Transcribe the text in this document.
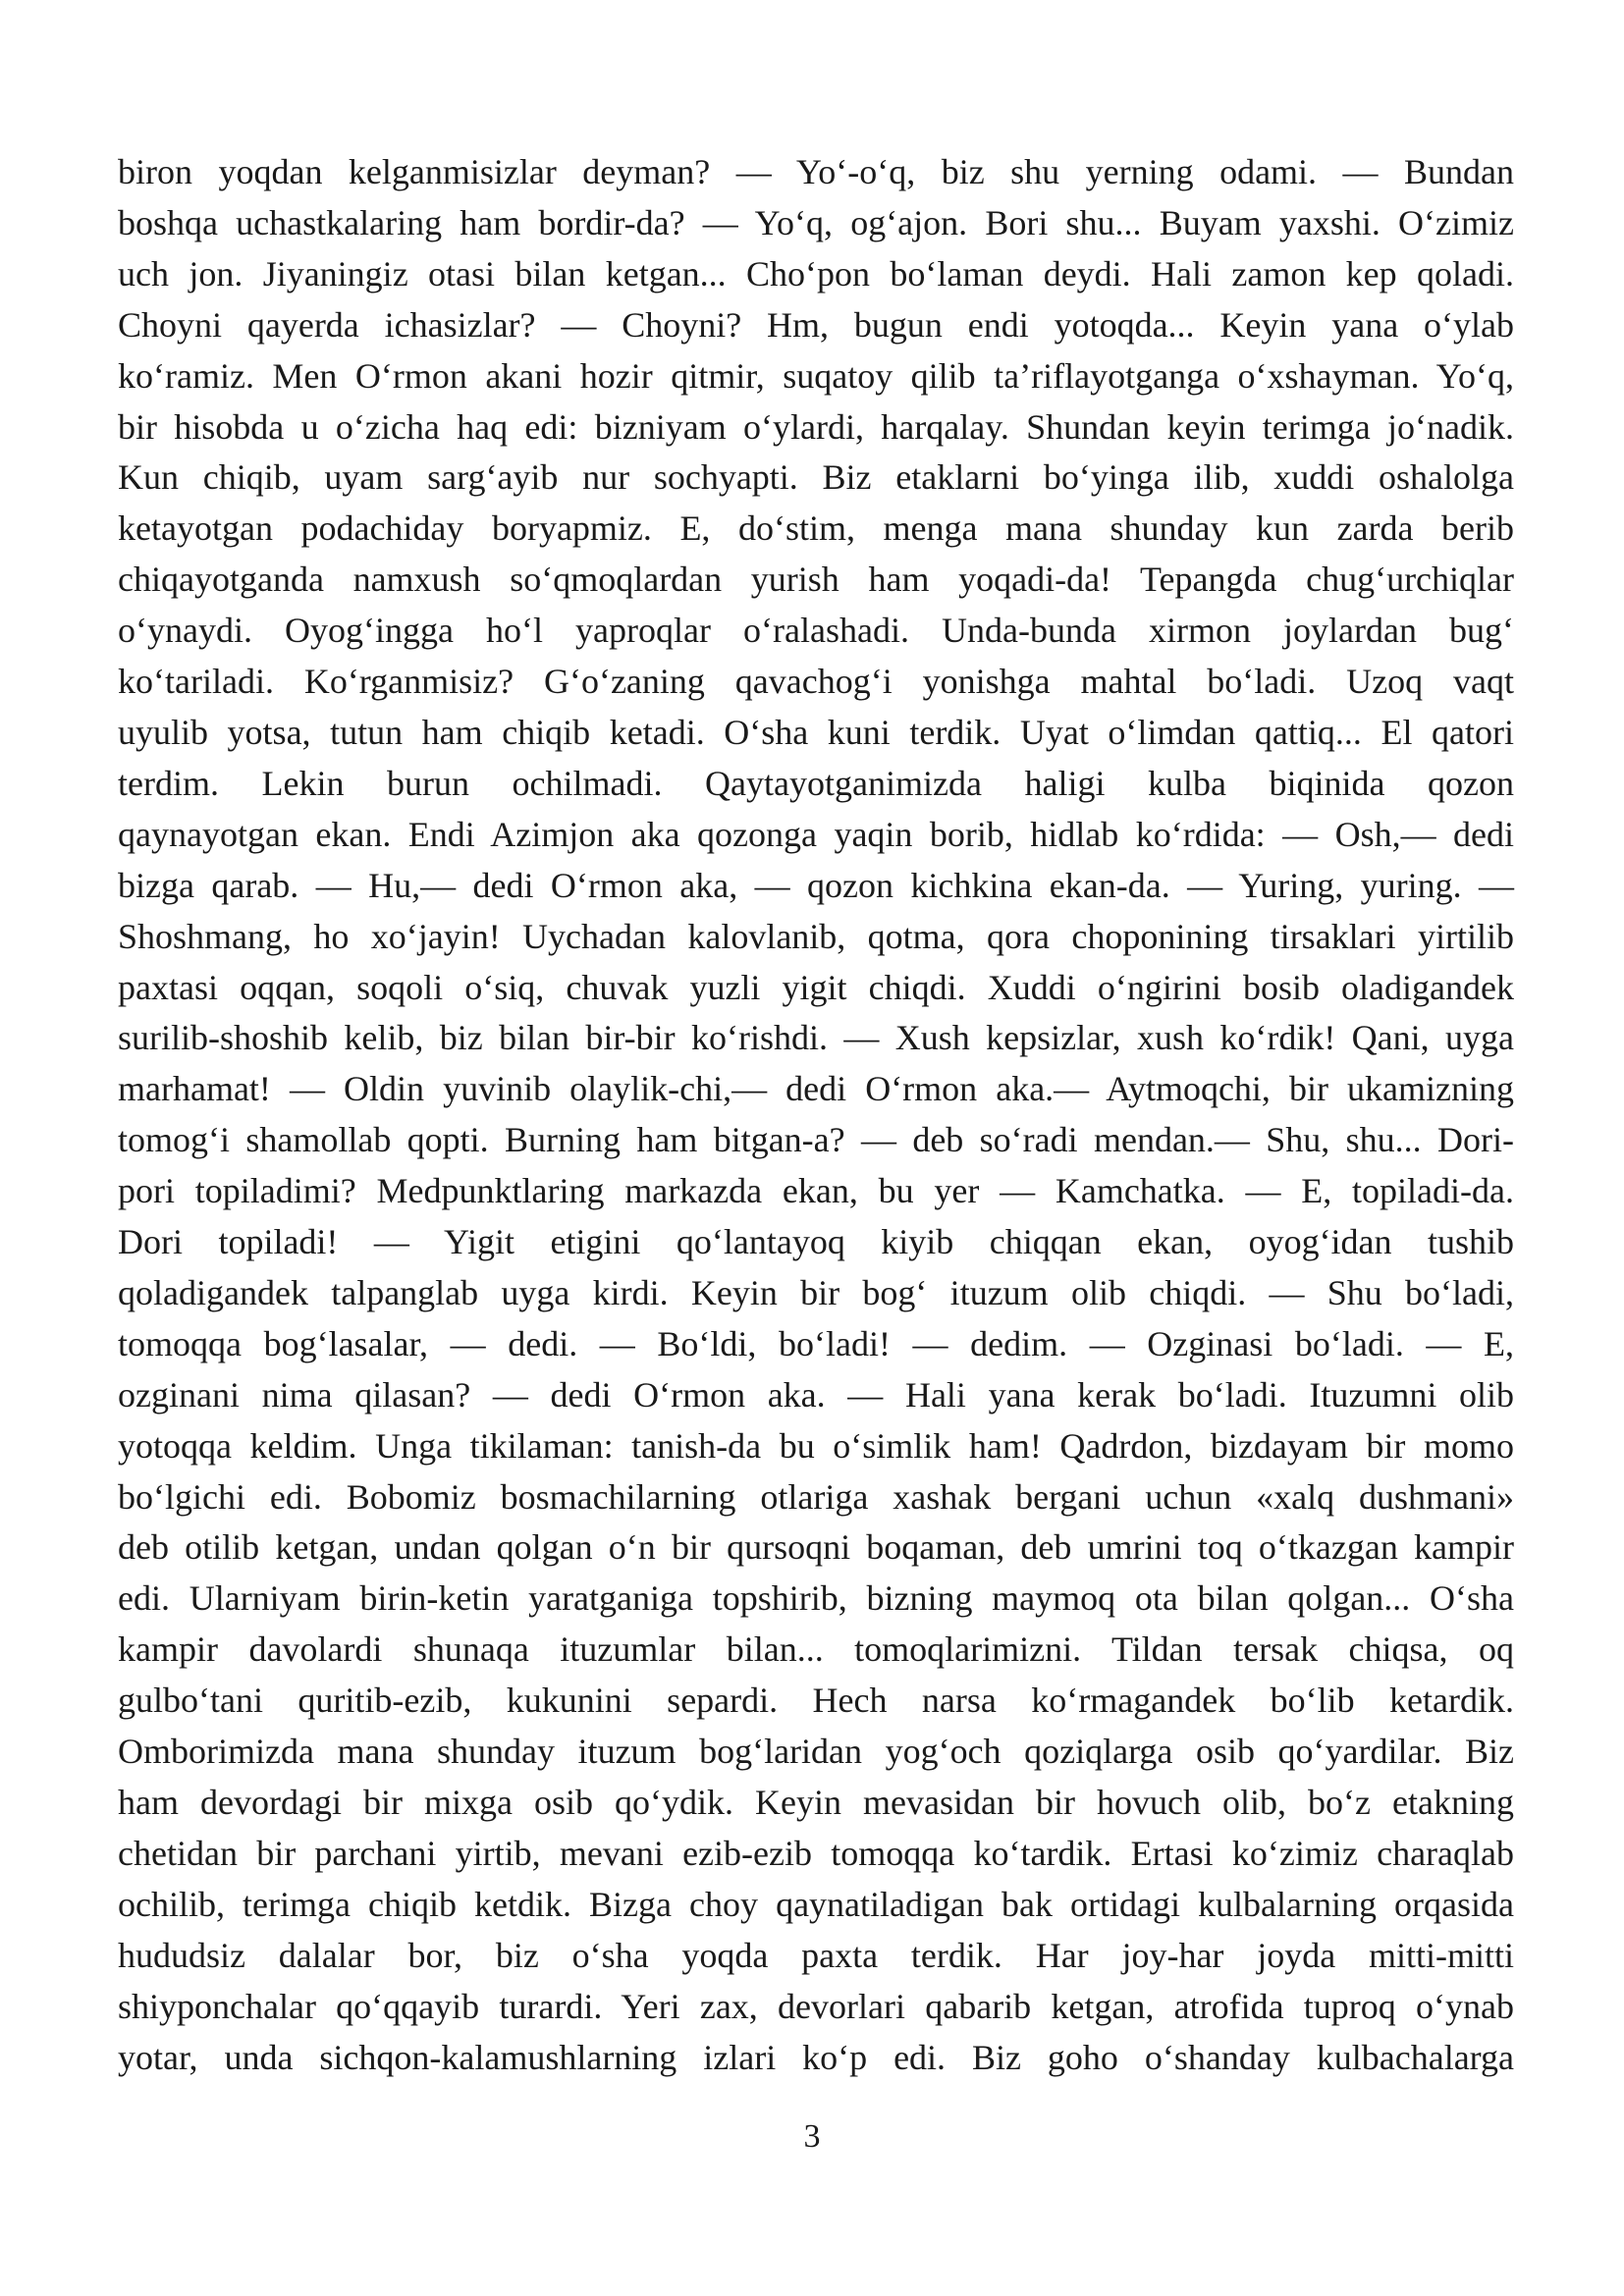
biron yoqdan kelganmisizlar deyman? — Yo‘-o‘q, biz shu yerning odami. — Bundan
boshqa uchastkalaring ham bordir-da? — Yo‘q, og‘ajon. Bori shu... Buyam yaxshi. O‘zimiz
uch jon. Jiyaningiz otasi bilan ketgan... Cho‘pon bo‘laman deydi. Hali zamon kep qoladi.
Choyni qayerda ichasizlar? — Choyni? Hm, bugun endi yotoqda... Keyin yana o‘ylab
ko‘ramiz. Men O‘rmon akani hozir qitmir, suqatoy qilib ta’riflayotganga o‘xshayman. Yo‘q,
bir hisobda u o‘zicha haq edi: bizniyam o‘ylardi, harqalay. Shundan keyin terimga jo‘nadik.
Kun chiqib, uyam sarg‘ayib nur sochyapti. Biz etaklarni bo‘yinga ilib, xuddi oshalolga
ketayotgan podachiday boryapmiz. E, do‘stim, menga mana shunday kun zarda berib
chiqayotganda namxush so‘qmoqlardan yurish ham yoqadi-da! Tepangda chug‘urchiqlar
o‘ynaydi. Oyog‘ingga ho‘l yaproqlar o‘ralashadi. Unda-bunda xirmon joylardan bug‘
ko‘tariladi. Ko‘rganmisiz? G‘o‘zaning qavachog‘i yonishga mahtal bo‘ladi. Uzoq vaqt
uyulib yotsa, tutun ham chiqib ketadi. O‘sha kuni terdik. Uyat o‘limdan qattiq... El qatori
terdim. Lekin burun ochilmadi. Qaytayotganimizda haligi kulba biqinida qozon
qaynayotgan ekan. Endi Azimjon aka qozonga yaqin borib, hidlab ko‘rdida: — Osh,— dedi
bizga qarab. — Hu,— dedi O‘rmon aka, — qozon kichkina ekan-da. — Yuring, yuring. —
Shoshmang, ho xo‘jayin! Uychadan kalovlanib, qotma, qora choponining tirsaklari yirtilib
paxtasi oqqan, soqoli o‘siq, chuvak yuzli yigit chiqdi. Xuddi o‘ngirini bosib oladigandek
surilib-shoshib kelib, biz bilan bir-bir ko‘rishdi. — Xush kepsizlar, xush ko‘rdik! Qani, uyga
marhamat! — Oldin yuvinib olaylik-chi,— dedi O‘rmon aka.— Aytmoqchi, bir ukamizning
tomog‘i shamollab qopti. Burning ham bitgan-a? — deb so‘radi mendan.— Shu, shu... Dori-
pori topiladimi? Medpunktlaring markazda ekan, bu yer — Kamchatka. — E, topiladi-da.
Dori topiladi! — Yigit etigini qo‘lantayoq kiyib chiqqan ekan, oyog‘idan tushib
qoladigandek talpanglab uyga kirdi. Keyin bir bog‘ ituzum olib chiqdi. — Shu bo‘ladi,
tomoqqa bog‘lasalar, — dedi. — Bo‘ldi, bo‘ladi! — dedim. — Ozginasi bo‘ladi. — E,
ozginani nima qilasan? — dedi O‘rmon aka. — Hali yana kerak bo‘ladi. Ituzumni olib
yotoqqa keldim. Unga tikilaman: tanish-da bu o‘simlik ham! Qadrdon, bizdayam bir momo
bo‘lgichi edi. Bobomiz bosmachilarning otlariga xashak bergani uchun «xalq dushmani»
deb otilib ketgan, undan qolgan o‘n bir qursoqni boqaman, deb umrini toq o‘tkazgan kampir
edi. Ularniyam birin-ketin yaratganiga topshirib, bizning maymoq ota bilan qolgan... O‘sha
kampir davolardi shunaqa ituzumlar bilan... tomoqlarimizni. Tildan tersak chiqsa, oq
gulbo‘tani quritib-ezib, kukunini separdi. Hech narsa ko‘rmagandek bo‘lib ketardik.
Omborimizda mana shunday ituzum bog‘laridan yog‘och qoziqlarga osib qo‘yardilar. Biz
ham devordagi bir mixga osib qo‘ydik. Keyin mevasidan bir hovuch olib, bo‘z etakning
chetidan bir parchani yirtib, mevani ezib-ezib tomoqqa ko‘tardik. Ertasi ko‘zimiz charaqlab
ochilib, terimga chiqib ketdik. Bizga choy qaynatiladigan bak ortidagi kulbalarning orqasida
hududsiz dalalar bor, biz o‘sha yoqda paxta terdik. Har joy-har joyda mitti-mitti
shiyponchalar qo‘qqayib turardi. Yeri zax, devorlari qabarib ketgan, atrofida tuproq o‘ynab
yotar, unda sichqon-kalamushlarning izlari ko‘p edi. Biz goho o‘shanday kulbachalarga
3
